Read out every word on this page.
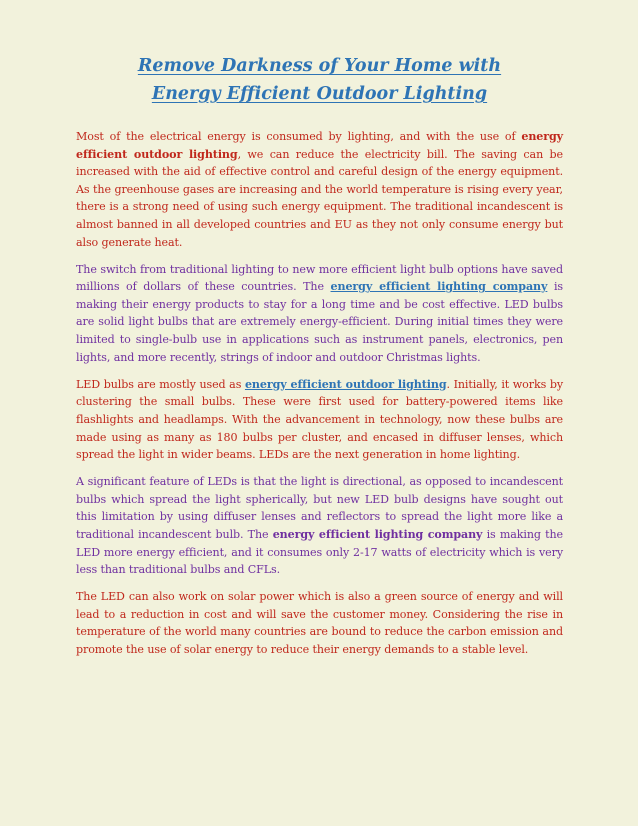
Remove Darkness of Your Home with
Energy Efficient Outdoor Lighting

Most of the electrical energy is consumed by lighting, and with the use of energy efficient outdoor lighting, we can reduce the electricity bill. The saving can be increased with the aid of effective control and careful design of the energy equipment. As the greenhouse gases are increasing and the world temperature is rising every year, there is a strong need of using such energy equipment. The traditional incandescent is almost banned in all developed countries and EU as they not only consume energy but also generate heat.

The switch from traditional lighting to new more efficient light bulb options have saved millions of dollars of these countries. The energy efficient lighting company is making their energy products to stay for a long time and be cost effective. LED bulbs are solid light bulbs that are extremely energy-efficient. During initial times they were limited to single-bulb use in applications such as instrument panels, electronics, pen lights, and more recently, strings of indoor and outdoor Christmas lights.

LED bulbs are mostly used as energy efficient outdoor lighting. Initially, it works by clustering the small bulbs. These were first used for battery-powered items like flashlights and headlamps. With the advancement in technology, now these bulbs are made using as many as 180 bulbs per cluster, and encased in diffuser lenses, which spread the light in wider beams. LEDs are the next generation in home lighting.

A significant feature of LEDs is that the light is directional, as opposed to incandescent bulbs which spread the light spherically, but new LED bulb designs have sought out this limitation by using diffuser lenses and reflectors to spread the light more like a traditional incandescent bulb. The energy efficient lighting company is making the LED more energy efficient, and it consumes only 2-17 watts of electricity which is very less than traditional bulbs and CFLs.

The LED can also work on solar power which is also a green source of energy and will lead to a reduction in cost and will save the customer money. Considering the rise in temperature of the world many countries are bound to reduce the carbon emission and promote the use of solar energy to reduce their energy demands to a stable level.
